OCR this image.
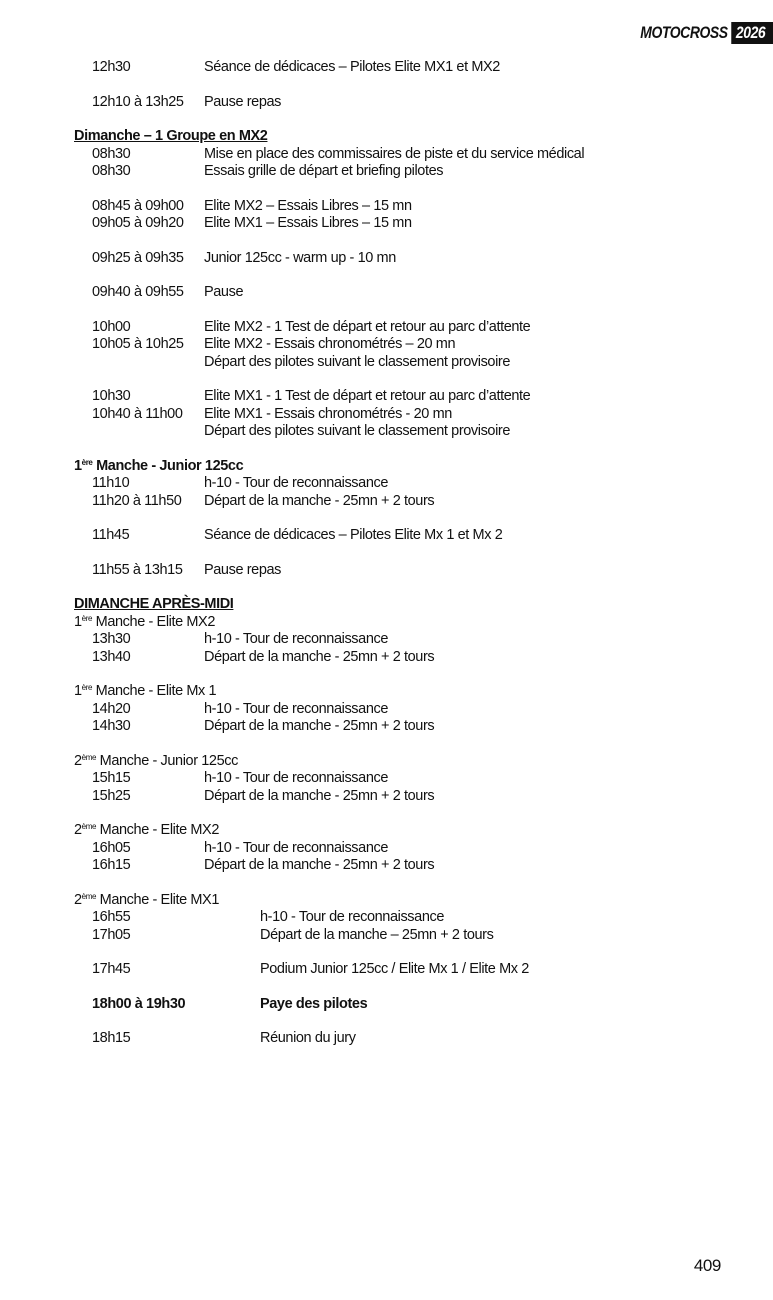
MOTOCROSS 2026
12h30	Séance de dédicaces – Pilotes Elite MX1 et MX2
12h10 à 13h25 Pause repas
Dimanche – 1 Groupe en MX2
08h30	Mise en place des commissaires de piste et du service médical
08h30	Essais grille de départ et briefing pilotes
08h45 à 09h00 Elite MX2 – Essais Libres – 15 mn
09h05 à 09h20 Elite MX1 – Essais Libres – 15 mn
09h25 à 09h35 Junior 125cc - warm up - 10 mn
09h40 à 09h55 Pause
10h00	Elite MX2 - 1 Test de départ et retour au parc d’attente
10h05 à 10h25 Elite MX2 - Essais chronométrés – 20 mn
Départ des pilotes suivant le classement provisoire
10h30	Elite MX1 - 1 Test de départ et retour au parc d’attente
10h40 à 11h00 Elite MX1 - Essais chronométrés - 20 mn
Départ des pilotes suivant le classement provisoire
1ère Manche - Junior 125cc
11h10	h-10 - Tour de reconnaissance
11h20 à 11h50 Départ de la manche - 25mn + 2 tours
11h45	Séance de dédicaces – Pilotes Elite Mx 1 et Mx 2
11h55 à 13h15 Pause repas
DIMANCHE APRÈS-MIDI
1ère Manche - Elite MX2
13h30	h-10 - Tour de reconnaissance
13h40	Départ de la manche - 25mn + 2 tours
1ère Manche - Elite Mx 1
14h20	h-10 - Tour de reconnaissance
14h30	Départ de la manche - 25mn + 2 tours
2ème Manche - Junior 125cc
15h15	h-10 - Tour de reconnaissance
15h25	Départ de la manche - 25mn + 2 tours
2ème Manche - Elite MX2
16h05	h-10 - Tour de reconnaissance
16h15	Départ de la manche - 25mn + 2 tours
2ème Manche - Elite MX1
16h55	h-10 - Tour de reconnaissance
17h05	Départ de la manche – 25mn + 2 tours
17h45	Podium Junior 125cc / Elite Mx 1 / Elite Mx 2
18h00 à 19h30	Paye des pilotes
18h15	Réunion du jury
409
